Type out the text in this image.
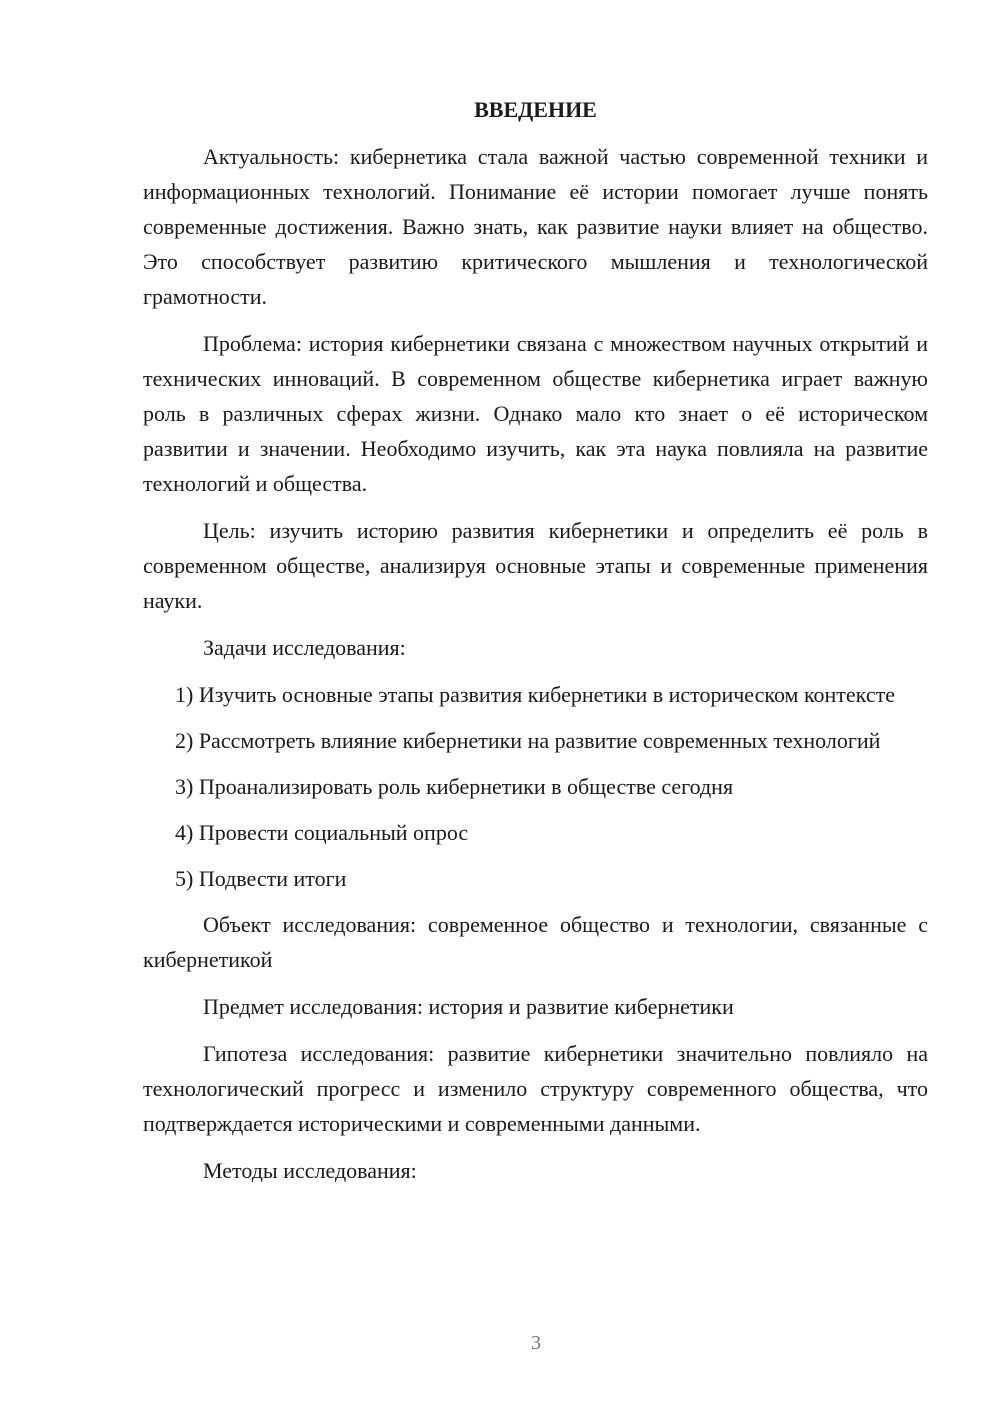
ВВЕДЕНИЕ

Актуальность: кибернетика стала важной частью современной техники и информационных технологий. Понимание её истории помогает лучше понять современные достижения. Важно знать, как развитие науки влияет на общество. Это способствует развитию критического мышления и технологической грамотности.

Проблема: история кибернетики связана с множеством научных открытий и технических инноваций. В современном обществе кибернетика играет важную роль в различных сферах жизни. Однако мало кто знает о её историческом развитии и значении. Необходимо изучить, как эта наука повлияла на развитие технологий и общества.

Цель: изучить историю развития кибернетики и определить её роль в современном обществе, анализируя основные этапы и современные применения науки.

Задачи исследования:

1) Изучить основные этапы развития кибернетики в историческом контексте

2) Рассмотреть влияние кибернетики на развитие современных технологий

3) Проанализировать роль кибернетики в обществе сегодня

4) Провести социальный опрос

5) Подвести итоги

Объект исследования: современное общество и технологии, связанные с кибернетикой

Предмет исследования: история и развитие кибернетики

Гипотеза исследования: развитие кибернетики значительно повлияло на технологический прогресс и изменило структуру современного общества, что подтверждается историческими и современными данными.

Методы исследования:

3
